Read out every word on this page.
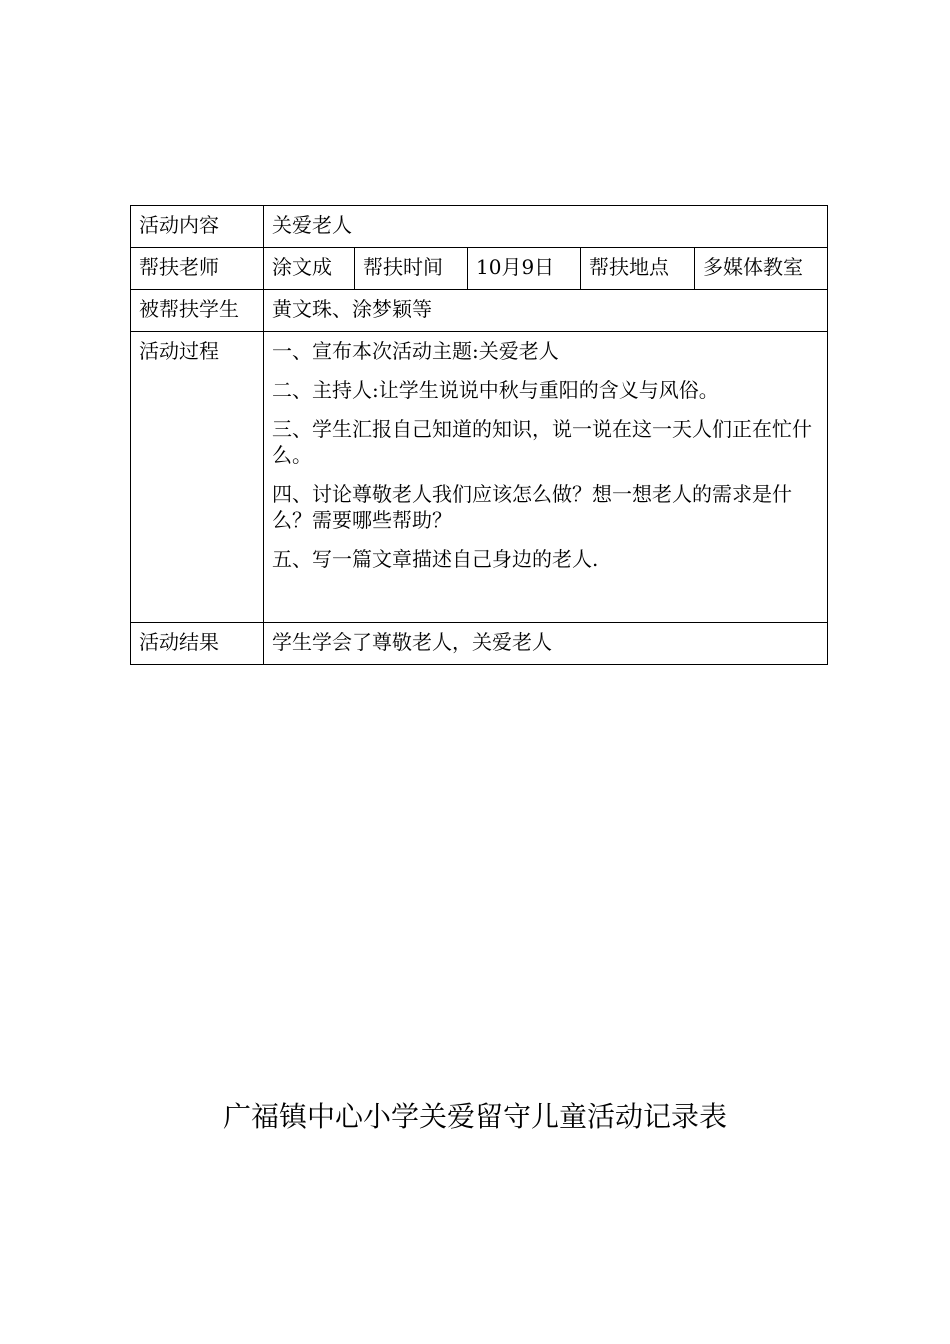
活动内容	关爱老人				

帮扶老师	涂文成	帮扶时间	10月9日	帮扶地点	多媒体教室

被帮扶学生	黄文珠、涂梦颖等				

活动过程	一、宣布本次活动主题:关爱老人

二、主持人:让学生说说中秋与重阳的含义与风俗。

三、学生汇报自己知道的知识，说一说在这一天人们正在忙什么。

四、讨论尊敬老人我们应该怎么做？想一想老人的需求是什么？需要哪些帮助？

五、写一篇文章描述自己身边的老人.				

活动结果	学生学会了尊敬老人，关爱老人				
广福镇中心小学关爱留守儿童活动记录表
